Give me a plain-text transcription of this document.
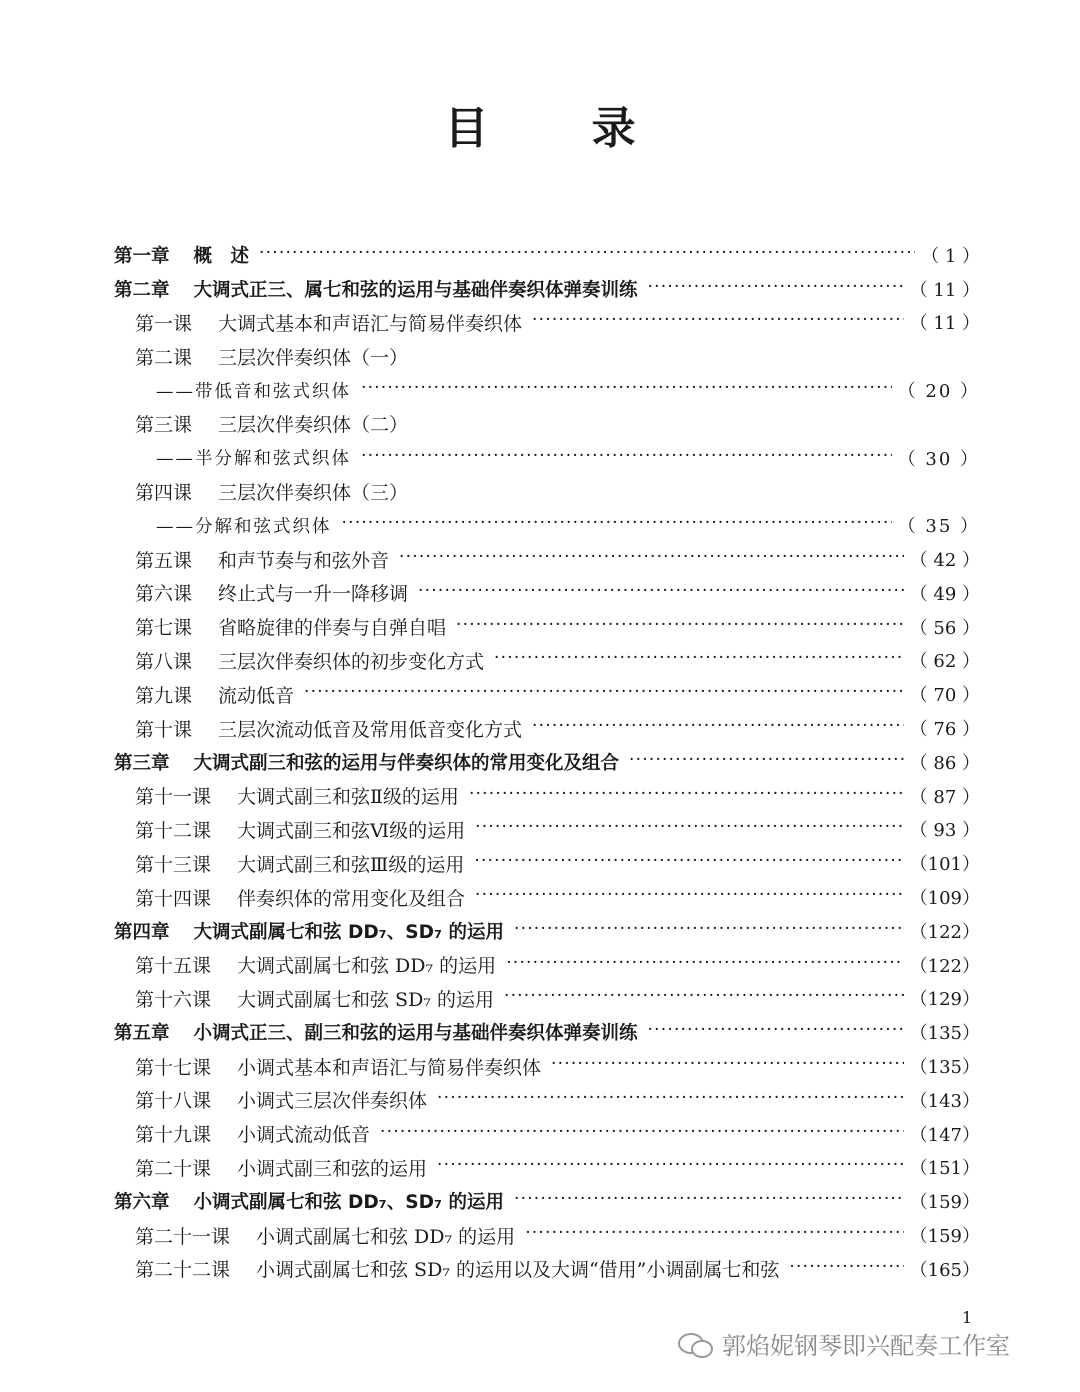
目 录
第一章 概　述 ·····	（ 1 ）
第二章 大调式正三、属七和弦的运用与基础伴奏织体弹奏训练 ·····	（ 11 ）
第一课 大调式基本和声语汇与简易伴奏织体 ·····	（ 11 ）
第二课 三层次伴奏织体（一）
——带低音和弦式织体 ·····	（ 20 ）
第三课 三层次伴奏织体（二）
——半分解和弦式织体 ·····	（ 30 ）
第四课 三层次伴奏织体（三）
——分解和弦式织体 ·····	（ 35 ）
第五课 和声节奏与和弦外音 ·····	（ 42 ）
第六课 终止式与一升一降移调 ·····	（ 49 ）
第七课 省略旋律的伴奏与自弹自唱 ·····	（ 56 ）
第八课 三层次伴奏织体的初步变化方式 ·····	（ 62 ）
第九课 流动低音 ·····	（ 70 ）
第十课 三层次流动低音及常用低音变化方式 ·····	（ 76 ）
第三章 大调式副三和弦的运用与伴奏织体的常用变化及组合 ·····	（ 86 ）
第十一课 大调式副三和弦Ⅱ级的运用 ·····	（ 87 ）
第十二课 大调式副三和弦Ⅵ级的运用 ·····	（ 93 ）
第十三课 大调式副三和弦Ⅲ级的运用 ·····	（101）
第十四课 伴奏织体的常用变化及组合 ·····	（109）
第四章 大调式副属七和弦 DD₇、SD₇ 的运用 ·····	（122）
第十五课 大调式副属七和弦 DD₇ 的运用 ·····	（122）
第十六课 大调式副属七和弦 SD₇ 的运用 ·····	（129）
第五章 小调式正三、副三和弦的运用与基础伴奏织体弹奏训练 ·····	（135）
第十七课 小调式基本和声语汇与简易伴奏织体 ·····	（135）
第十八课 小调式三层次伴奏织体 ·····	（143）
第十九课 小调式流动低音 ·····	（147）
第二十课 小调式副三和弦的运用 ·····	（151）
第六章 小调式副属七和弦 DD₇、SD₇ 的运用 ·····	（159）
第二十一课 小调式副属七和弦 DD₇ 的运用 ·····	（159）
第二十二课 小调式副属七和弦 SD₇ 的运用以及大调“借用”小调副属七和弦 ·····	（165）
1
郭焰妮钢琴即兴配奏工作室
